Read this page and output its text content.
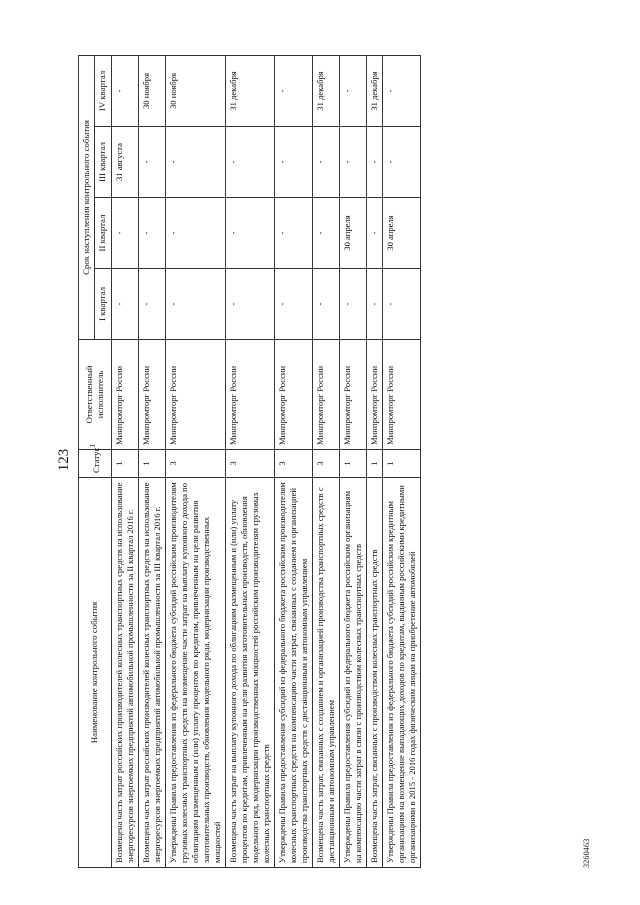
123
Наименование контрольного события	Статус$^1$	Ответственный исполнитель	Срок наступления контрольного события			
			I квартал	II квартал	III квартал	IV квартал
Возмещена часть затрат российских производителей колесных транспортных средств на использование энергоресурсов энергоемких предприятий автомобильной промышленности за II квартал 2016 г.	1	Минпромторг России	-	-	31 августа	-
Возмещена часть затрат российских производителей колесных транспортных средств на использование энергоресурсов энергоемких предприятий автомобильной промышленности за III квартал 2016 г.	1	Минпромторг России	-	-	-	30 ноября
Утверждены Правила предоставления из федерального бюджета субсидий российским производителям грузовых колесных транспортных средств на возмещение части затрат на выплату купонного дохода по облигациям размещенным и (или) уплату процентов по кредитам, привлеченным на цели развития заготовительных производств, обновления модельного ряда, модернизации производственных мощностей	3	Минпромторг России	-	-	-	30 ноября
Возмещена часть затрат на выплату купонного дохода по облигациям размещенным и (или) уплату процентов по кредитам, привлеченным на цели развития заготовительных производств, обновления модельного ряд, модернизации производственных мощностей российским производителям грузовых колесных транспортных средств	3	Минпромторг России	-	-	-	31 декабря
Утверждены Правила предоставления субсидий из федерального бюджета российским производителям колесных транспортных средств на компенсацию части затрат, связанных с созданием и организацией производства транспортных средств с дистанционным и автономным управлением	3	Минпромторг России	-	-	-	-
Возмещена часть затрат, связанных с созданием и организацией производства транспортных средств с дистанционным и автономным управлением	3	Минпромторг России	-	-	-	31 декабря
Утверждены Правила предоставления субсидий из федерального бюджета российским организациям на компенсацию части затрат в связи с производством колесных транспортных средств	1	Минпромторг России	-	30 апреля	-	-
Возмещена часть затрат, связанных с производством колесных транспортных средств	1	Минпромторг России	-	-	-	31 декабря
Утверждены Правила предоставления из федерального бюджета субсидий российским кредитным организациям на возмещение выпадающих доходов по кредитам, выданным российскими кредитными организациями в 2015 - 2016 годах физическим лицам на приобретение автомобилей	1	Минпромторг России	-	30 апреля	-	-
3260463
